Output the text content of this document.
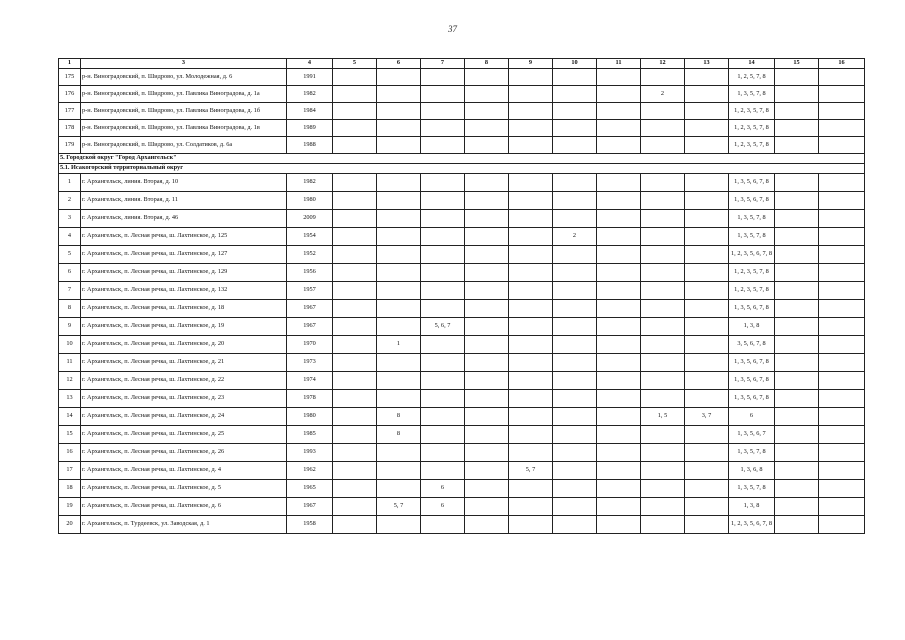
37
1	3	4	5	6	7	8	9	10	11	12	13	14	15	16
175	р-н. Виноградовский, п. Шидрово, ул. Молодежная, д. 6	1991										1, 2, 5, 7, 8		
176	р-н. Виноградовский, п. Шидрово, ул. Павлика Виноградова, д. 1а	1982								2		1, 3, 5, 7, 8		
177	р-н. Виноградовский, п. Шидрово, ул. Павлика Виноградова, д. 1б	1984										1, 2, 3, 5, 7, 8		
178	р-н. Виноградовский, п. Шидрово, ул. Павлика Виноградова, д. 1в	1989										1, 2, 3, 5, 7, 8		
179	р-н. Виноградовский, п. Шидрово, ул. Солдатиков, д. 6а	1988										1, 2, 3, 5, 7, 8		
5. Городской округ "Город Архангельск"														
5.1. Исакогорский территориальный округ														
1	г. Архангельск, линия. Вторая, д. 10	1982										1, 3, 5, 6, 7, 8		
2	г. Архангельск, линия. Вторая, д. 11	1980										1, 3, 5, 6, 7, 8		
3	г. Архангельск, линия. Вторая, д. 46	2009										1, 3, 5, 7, 8		
4	г. Архангельск, п. Лесная речка, ш. Лахтинское, д. 125	1954						2				1, 3, 5, 7, 8		
5	г. Архангельск, п. Лесная речка, ш. Лахтинское, д. 127	1952										1, 2, 3, 5, 6, 7, 8		
6	г. Архангельск, п. Лесная речка, ш. Лахтинское, д. 129	1956										1, 2, 3, 5, 7, 8		
7	г. Архангельск, п. Лесная речка, ш. Лахтинское, д. 132	1957										1, 2, 3, 5, 7, 8		
8	г. Архангельск, п. Лесная речка, ш. Лахтинское, д. 18	1967										1, 3, 5, 6, 7, 8		
9	г. Архангельск, п. Лесная речка, ш. Лахтинское, д. 19	1967			5, 6, 7							1, 3, 8		
10	г. Архангельск, п. Лесная речка, ш. Лахтинское, д. 20	1970		1								3, 5, 6, 7, 8		
11	г. Архангельск, п. Лесная речка, ш. Лахтинское, д. 21	1973										1, 3, 5, 6, 7, 8		
12	г. Архангельск, п. Лесная речка, ш. Лахтинское, д. 22	1974										1, 3, 5, 6, 7, 8		
13	г. Архангельск, п. Лесная речка, ш. Лахтинское, д. 23	1978										1, 3, 5, 6, 7, 8		
14	г. Архангельск, п. Лесная речка, ш. Лахтинское, д. 24	1980		8						1, 5	3, 7	6		
15	г. Архангельск, п. Лесная речка, ш. Лахтинское, д. 25	1985		8								1, 3, 5, 6, 7		
16	г. Архангельск, п. Лесная речка, ш. Лахтинское, д. 26	1993										1, 3, 5, 7, 8		
17	г. Архангельск, п. Лесная речка, ш. Лахтинское, д. 4	1962					5, 7					1, 3, 6, 8		
18	г. Архангельск, п. Лесная речка, ш. Лахтинское, д. 5	1965			6							1, 3, 5, 7, 8		
19	г. Архангельск, п. Лесная речка, ш. Лахтинское, д. 6	1967		5, 7	6							1, 3, 8		
20	г. Архангельск, п. Турдеевск, ул. Заводская, д. 1	1958										1, 2, 3, 5, 6, 7, 8		
